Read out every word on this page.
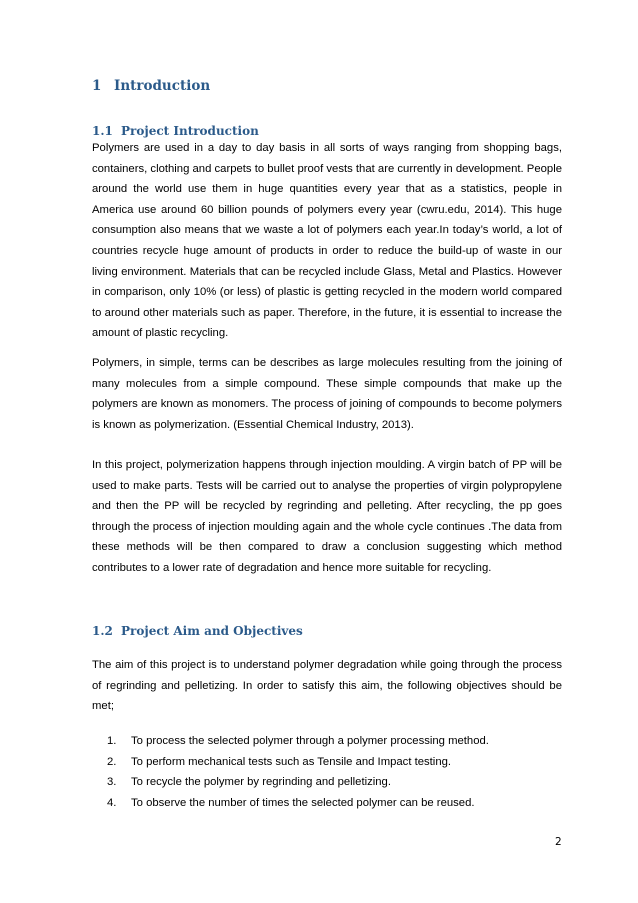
1 Introduction
1.1 Project Introduction

Polymers are used in a day to day basis in all sorts of ways ranging from shopping bags, containers, clothing and carpets to bullet proof vests that are currently in development. People around the world use them in huge quantities every year that as a statistics, people in America use around 60 billion pounds of polymers every year (cwru.edu, 2014). This huge consumption also means that we waste a lot of polymers each year.In today’s world, a lot of countries recycle huge amount of products in order to reduce the build-up of waste in our living environment. Materials that can be recycled include Glass, Metal and Plastics. However in comparison, only 10% (or less) of plastic is getting recycled in the modern world compared to around other materials such as paper. Therefore, in the future, it is essential to increase the amount of plastic recycling.

Polymers, in simple, terms can be describes as large molecules resulting from the joining of many molecules from a simple compound. These simple compounds that make up the polymers are known as monomers. The process of joining of compounds to become polymers is known as polymerization. (Essential Chemical Industry, 2013).

In this project, polymerization happens through injection moulding. A virgin batch of PP will be used to make parts. Tests will be carried out to analyse the properties of virgin polypropylene and then the PP will be recycled by regrinding and pelleting. After recycling, the pp goes through the process of injection moulding again and the whole cycle continues .The data from these methods will be then compared to draw a conclusion suggesting which method contributes to a lower rate of degradation and hence more suitable for recycling.

1.2 Project Aim and Objectives

The aim of this project is to understand polymer degradation while going through the process of regrinding and pelletizing. In order to satisfy this aim, the following objectives should be met;

1.	To process the selected polymer through a polymer processing method.
2.	To perform mechanical tests such as Tensile and Impact testing.
3.	To recycle the polymer by regrinding and pelletizing.
4.	To observe the number of times the selected polymer can be reused.
2
